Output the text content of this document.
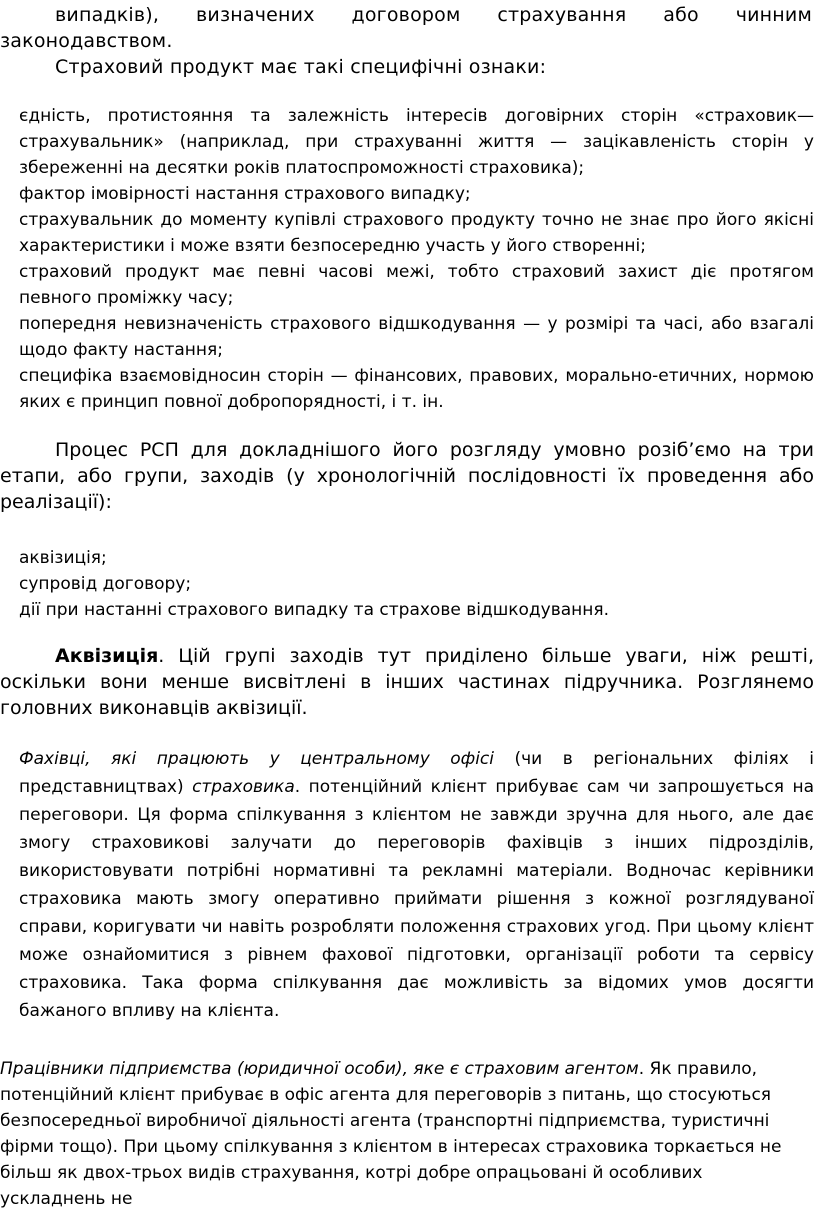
випадків), визначених договором страхування або чинним
законодавством.

Страховий продукт має такі специфічні ознаки:

єдність, протистояння та залежність інтересів договірних сторін «страховик—страхувальник» (наприклад, при страхуванні життя — зацікавленість сторін у збереженні на десятки років платоспроможності страховика);
фактор імовірності настання страхового випадку;
страхувальник до моменту купівлі страхового продукту точно не знає про його якісні характеристики і може взяти безпосередню участь у його створенні;
страховий продукт має певні часові межі, тобто страховий захист діє протягом певного проміжку часу;
попередня невизначеність страхового відшкодування — у розмірі та часі, або взагалі щодо факту настання;
специфіка взаємовідносин сторін — фінансових, правових, морально-етичних, нормою яких є принцип повної добропорядності, і т. ін.

Процес РСП для докладнішого його розгляду умовно розіб’ємо на три етапи, або групи, заходів (у хронологічній послідовності їх проведення або реалізації):

аквізиція;
супровід договору;
дії при настанні страхового випадку та страхове відшкодування.

Аквізиція. Цій групі заходів тут приділено більше уваги, ніж решті, оскільки вони менше висвітлені в інших частинах підручника. Розглянемо головних виконавців аквізиції.

Фахівці, які працюють у центральному офісі (чи в регіональних філіях і представництвах) страховика. потенційний клієнт прибуває сам чи запрошується на переговори. Ця форма спілкування з клієнтом не завжди зручна для нього, але дає змогу страховикові залучати до переговорів фахівців з інших підрозділів, використовувати потрібні нормативні та рекламні матеріали. Водночас керівники страховика мають змогу оперативно приймати рішення з кожної розглядуваної справи, коригувати чи навіть розробляти положення страхових угод. При цьому клієнт може ознайомитися з рівнем фахової підготовки, організації роботи та сервісу страховика. Така форма спілкування дає можливість за відомих умов досягти бажаного впливу на клієнта.

Працівники підприємства (юридичної особи), яке є страховим агентом. Як правило, потенційний клієнт прибуває в офіс агента для переговорів з питань, що стосуються безпосередньої виробничої діяльності агента (транспортні підприємства, туристичні фірми тощо). При цьому спілкування з клієнтом в інтересах страховика торкається не більш як двох-трьох видів страхування, котрі добре опрацьовані й особливих ускладнень не
